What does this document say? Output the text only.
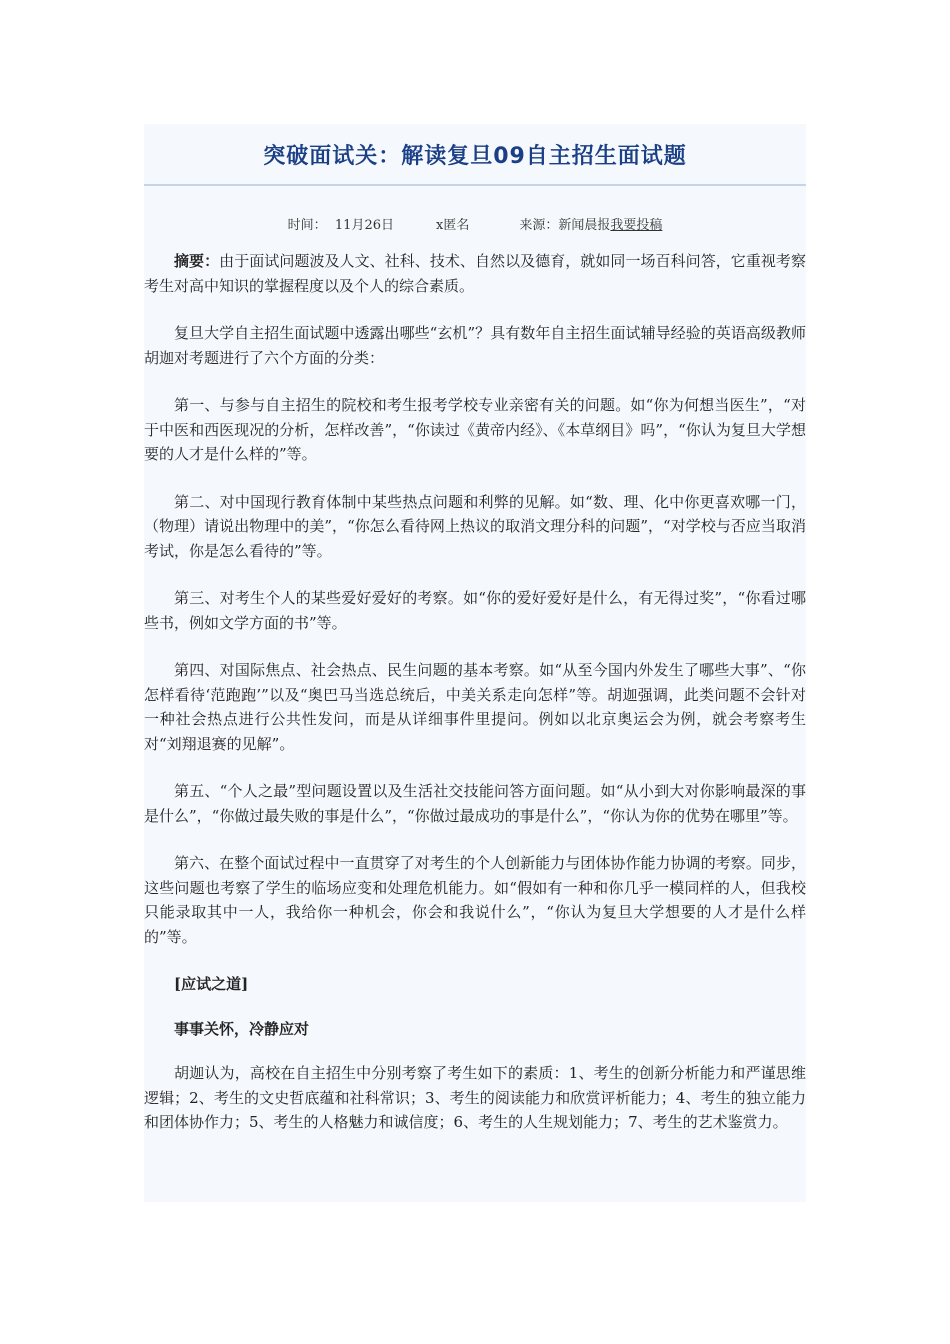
突破面试关：解读复旦09自主招生面试题
时间：
11月26日	x匿名	来源：新闻晨报 我要投稿

摘要：由于面试问题波及人文、社科、技术、自然以及德育，就如同一场百科问答，它重视考察考生对高中知识的掌握程度以及个人的综合素质。

复旦大学自主招生面试题中透露出哪些“玄机”？具有数年自主招生面试辅导经验的英语高级教师胡迦对考题进行了六个方面的分类：

第一、与参与自主招生的院校和考生报考学校专业亲密有关的问题。如“你为何想当医生”，“对于中医和西医现况的分析，怎样改善”，“你读过《黄帝内经》、《本草纲目》吗”，“你认为复旦大学想要的人才是什么样的”等。

第二、对中国现行教育体制中某些热点问题和利弊的见解。如“数、理、化中你更喜欢哪一门，（物理）请说出物理中的美”，“你怎么看待网上热议的取消文理分科的问题”，“对学校与否应当取消考试，你是怎么看待的”等。

第三、对考生个人的某些爱好爱好的考察。如“你的爱好爱好是什么，有无得过奖”，“你看过哪些书，例如文学方面的书”等。

第四、对国际焦点、社会热点、民生问题的基本考察。如“从至今国内外发生了哪些大事”、“你怎样看待‘范跑跑’”以及“奥巴马当选总统后，中美关系走向怎样”等。胡迦强调，此类问题不会针对一种社会热点进行公共性发问，而是从详细事件里提问。例如以北京奥运会为例，就会考察考生对“刘翔退赛的见解”。

第五、“个人之最”型问题设置以及生活社交技能问答方面问题。如“从小到大对你影响最深的事是什么”，“你做过最失败的事是什么”，“你做过最成功的事是什么”，“你认为你的优势在哪里”等。

第六、在整个面试过程中一直贯穿了对考生的个人创新能力与团体协作能力协调的考察。同步，这些问题也考察了学生的临场应变和处理危机能力。如“假如有一种和你几乎一模同样的人，但我校只能录取其中一人，我给你一种机会，你会和我说什么”，“你认为复旦大学想要的人才是什么样的”等。

[应试之道]

事事关怀，冷静应对

胡迦认为，高校在自主招生中分别考察了考生如下的素质：1、考生的创新分析能力和严谨思维逻辑；2、考生的文史哲底蕴和社科常识；3、考生的阅读能力和欣赏评析能力；4、考生的独立能力和团体协作力；5、考生的人格魅力和诚信度；6、考生的人生规划能力；7、考生的艺术鉴赏力。
